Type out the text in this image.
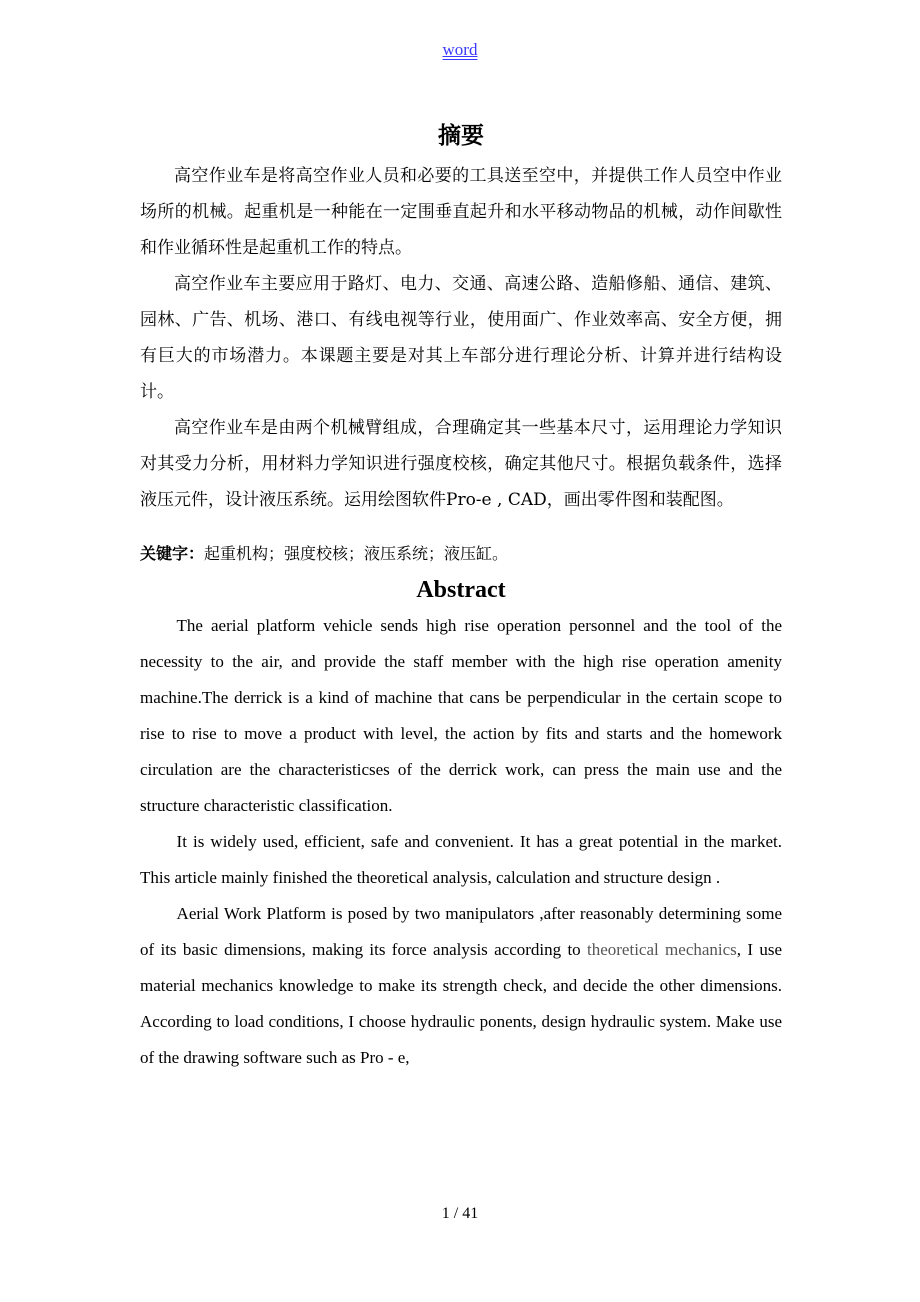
word
摘要

高空作业车是将高空作业人员和必要的工具送至空中，并提供工作人员空中作业场所的机械。起重机是一种能在一定围垂直起升和水平移动物品的机械，动作间歇性和作业循环性是起重机工作的特点。

高空作业车主要应用于路灯、电力、交通、高速公路、造船修船、通信、建筑、园林、广告、机场、港口、有线电视等行业，使用面广、作业效率高、安全方便，拥有巨大的市场潜力。本课题主要是对其上车部分进行理论分析、计算并进行结构设计。

高空作业车是由两个机械臂组成，合理确定其一些基本尺寸，运用理论力学知识对其受力分析，用材料力学知识进行强度校核，确定其他尺寸。根据负载条件，选择液压元件，设计液压系统。运用绘图软件Pro-e , CAD，画出零件图和装配图。

关键字：起重机构；强度校核；液压系统；液压缸。
Abstract

The aerial platform vehicle sends high rise operation personnel and the tool of the necessity to the air, and provide the staff member with the high rise operation amenity machine.The derrick is a kind of machine that cans be perpendicular in the certain scope to rise to rise to move a product with level, the action by fits and starts and the homework circulation are the characteristicses of the derrick work, can press the main use and the structure characteristic classification.

It is widely used, efficient, safe and convenient. It has a great potential in the market. This article mainly finished the theoretical analysis, calculation and structure design .

Aerial Work Platform is posed by two manipulators ,after reasonably determining some of its basic dimensions, making its force analysis according to theoretical mechanics, I use material mechanics knowledge to make its strength check, and decide the other dimensions. According to load conditions, I choose hydraulic ponents, design hydraulic system. Make use of the drawing software such as Pro - e,

1 / 41
